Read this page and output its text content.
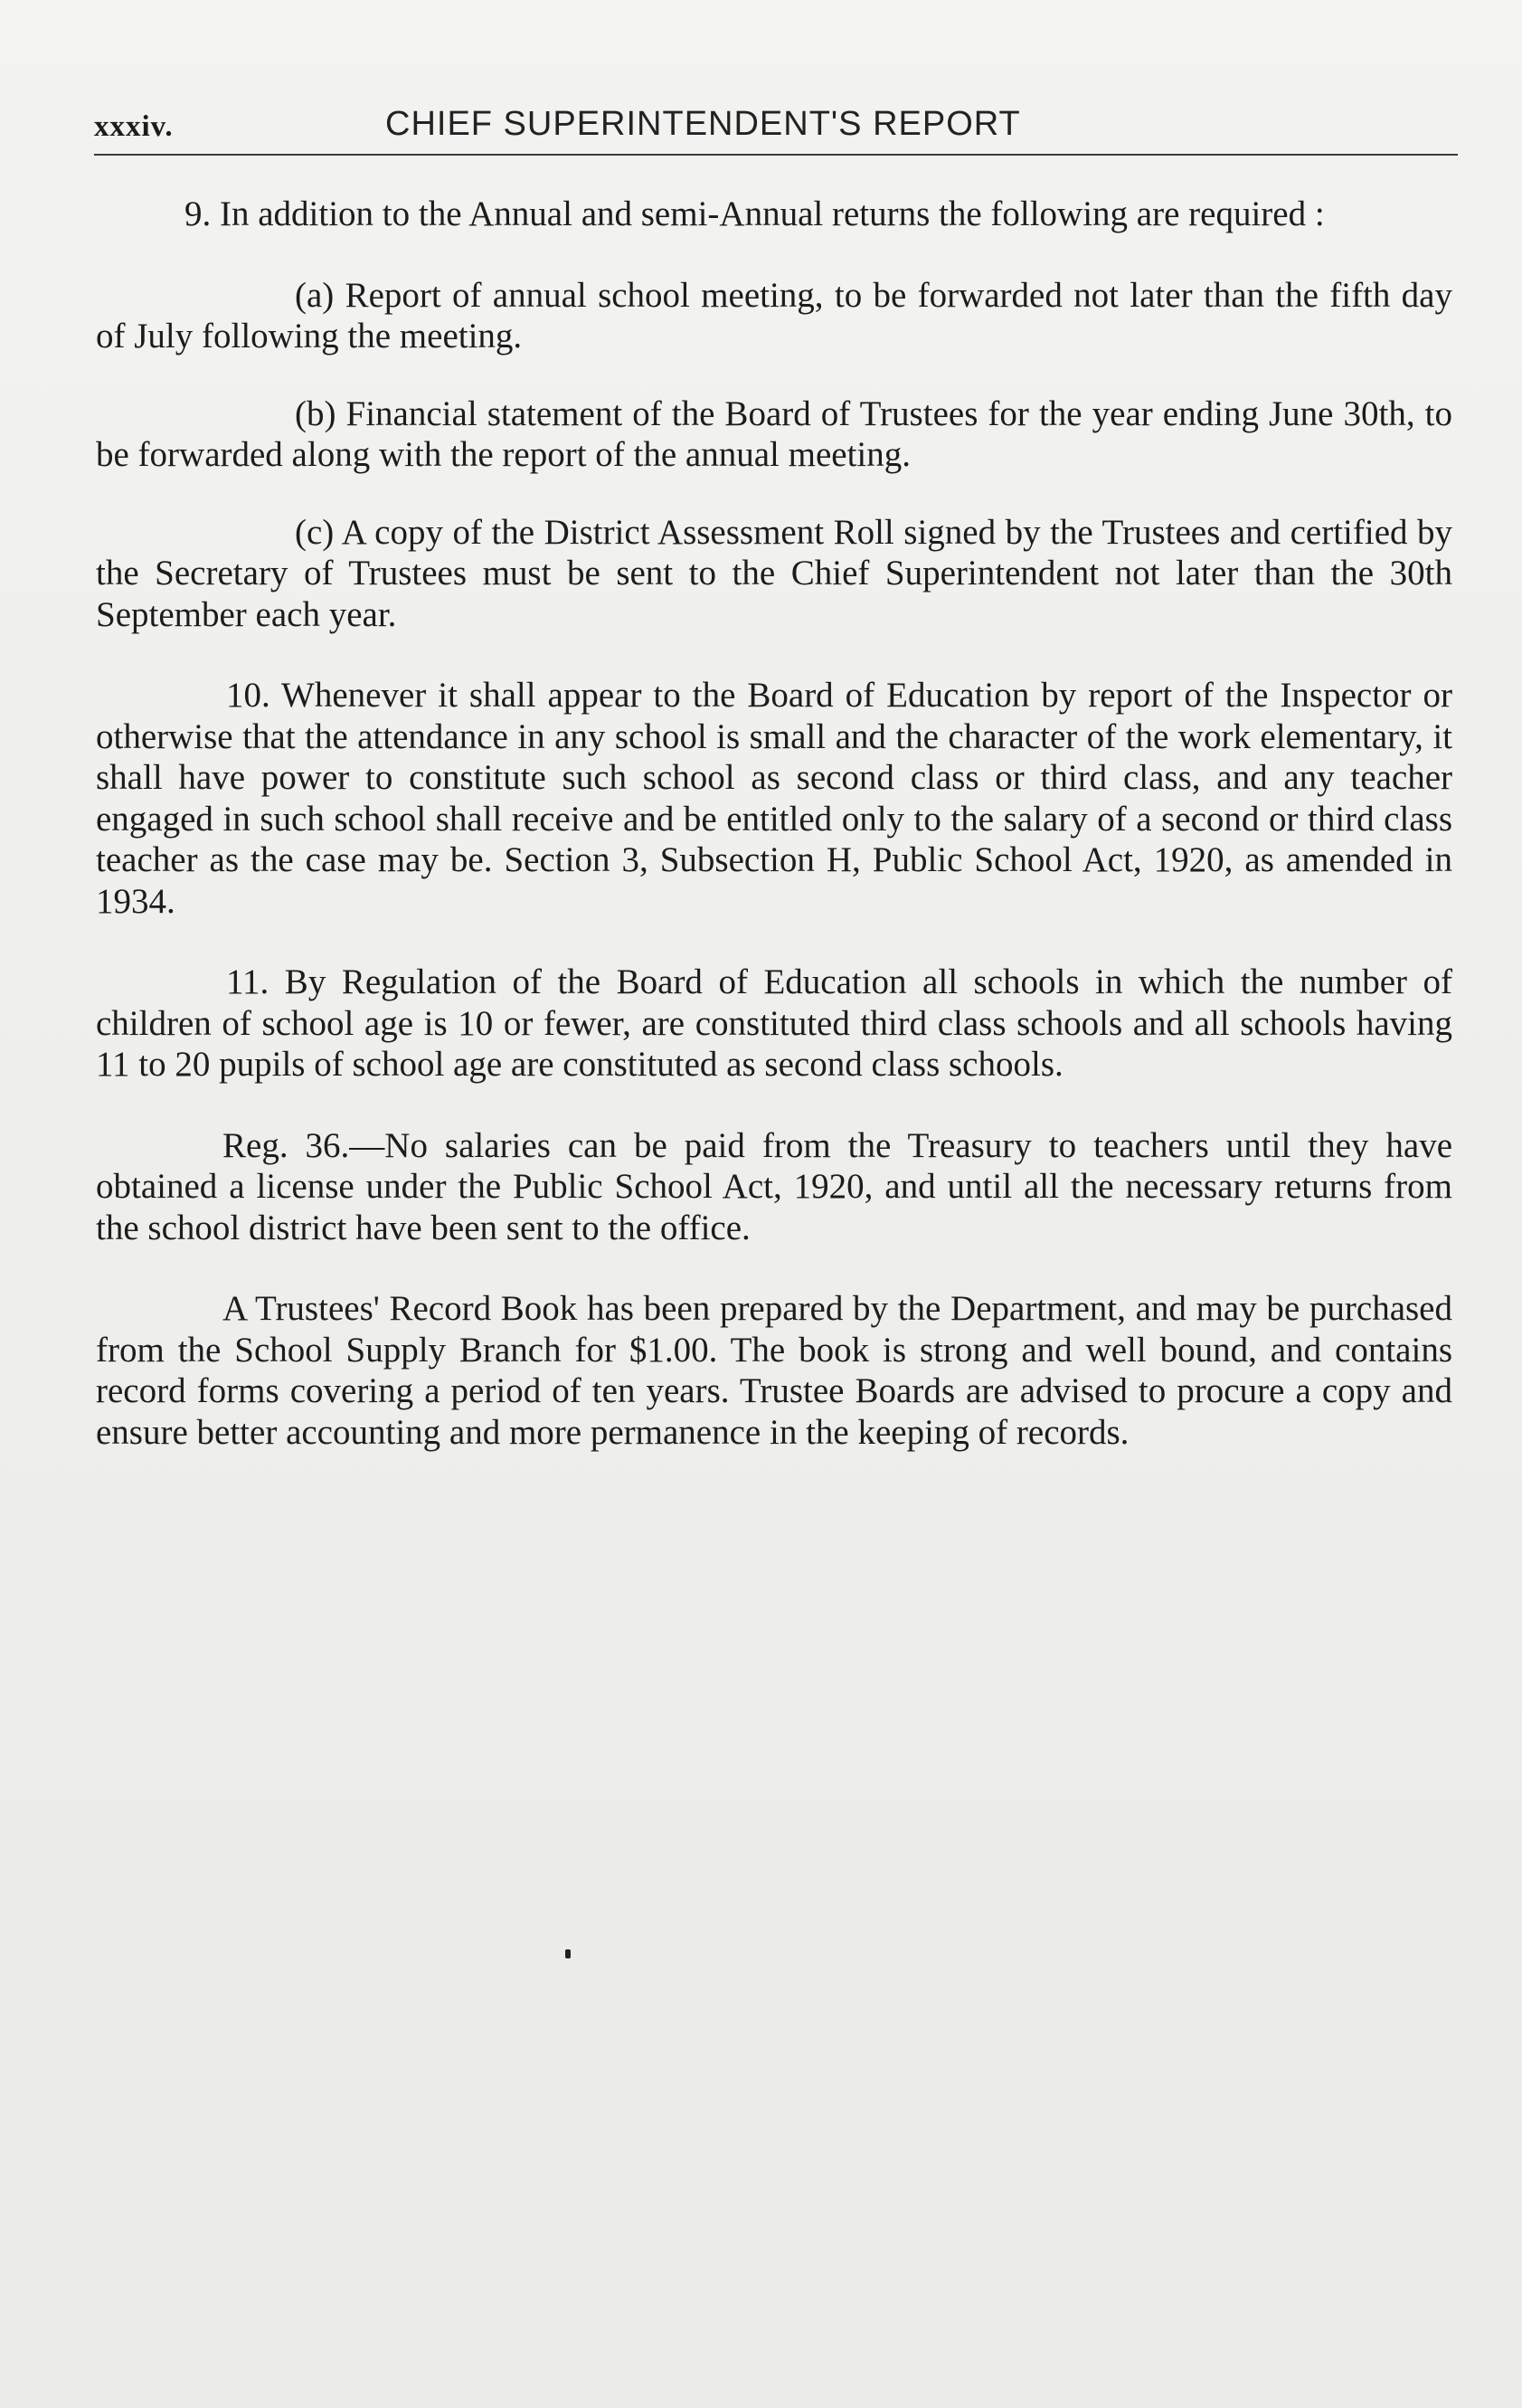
xxxiv.	CHIEF SUPERINTENDENT'S REPORT

9. In addition to the Annual and semi-Annual returns the following are required :

(a) Report of annual school meeting, to be forwarded not later than the fifth day of July following the meeting.

(b) Financial statement of the Board of Trustees for the year ending June 30th, to be forwarded along with the report of the annual meeting.

(c) A copy of the District Assessment Roll signed by the Trustees and certified by the Secretary of Trustees must be sent to the Chief Superintendent not later than the 30th September each year.

10. Whenever it shall appear to the Board of Education by report of the Inspector or otherwise that the attendance in any school is small and the character of the work elementary, it shall have power to constitute such school as second class or third class, and any teacher engaged in such school shall receive and be entitled only to the salary of a second or third class teacher as the case may be. Section 3, Subsection H, Public School Act, 1920, as amended in 1934.

11. By Regulation of the Board of Education all schools in which the number of children of school age is 10 or fewer, are constituted third class schools and all schools having 11 to 20 pupils of school age are constituted as second class schools.

Reg. 36.—No salaries can be paid from the Treasury to teachers until they have obtained a license under the Public School Act, 1920, and until all the necessary returns from the school district have been sent to the office.

A Trustees' Record Book has been prepared by the Department, and may be purchased from the School Supply Branch for $1.00. The book is strong and well bound, and contains record forms covering a period of ten years. Trustee Boards are advised to procure a copy and ensure better accounting and more permanence in the keeping of records.
